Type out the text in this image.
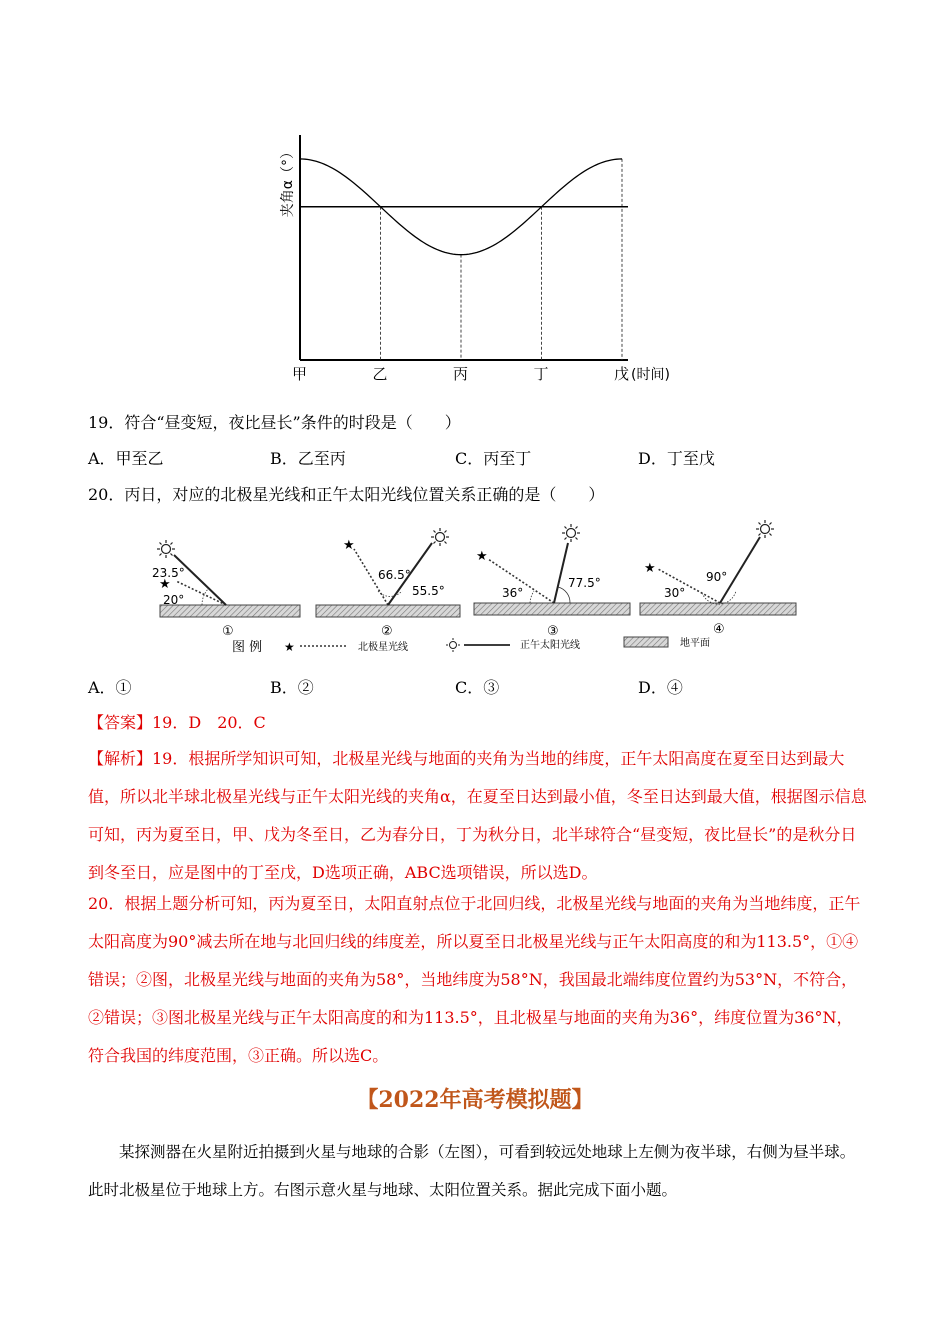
甲	乙	丙	丁	戊 (时间)
夹角α（°）
19．符合“昼变短，夜比昼长”条件的时段是（　　）
A．甲至乙	B．乙至丙	C．丙至丁	D．丁至戊
20．丙日，对应的北极星光线和正午太阳光线位置关系正确的是（　　）
★
23.5°
20°
①
★
66.5°
55.5°
②
★
36°
77.5°
③
★
30°
90°
④
图 例 ★	北极星光线	正午太阳光线	地平面
A．①	B．②	C．③	D．④
【答案】19．D　20．C
【解析】19．根据所学知识可知，北极星光线与地面的夹角为当地的纬度，正午太阳高度在夏至日达到最大值，所以北半球北极星光线与正午太阳光线的夹角α，在夏至日达到最小值，冬至日达到最大值，根据图示信息可知，丙为夏至日，甲、戊为冬至日，乙为春分日，丁为秋分日，北半球符合“昼变短，夜比昼长”的是秋分日到冬至日，应是图中的丁至戊，D选项正确，ABC选项错误，所以选D。
20．根据上题分析可知，丙为夏至日，太阳直射点位于北回归线，北极星光线与地面的夹角为当地纬度，正午太阳高度为90°减去所在地与北回归线的纬度差，所以夏至日北极星光线与正午太阳高度的和为113.5°，①④错误；②图，北极星光线与地面的夹角为58°，当地纬度为58°N，我国最北端纬度位置约为53°N，不符合，②错误；③图北极星光线与正午太阳高度的和为113.5°，且北极星与地面的夹角为36°，纬度位置为36°N，符合我国的纬度范围，③正确。所以选C。
【2022年高考模拟题】
某探测器在火星附近拍摄到火星与地球的合影（左图），可看到较远处地球上左侧为夜半球，右侧为昼半球。此时北极星位于地球上方。右图示意火星与地球、太阳位置关系。据此完成下面小题。
